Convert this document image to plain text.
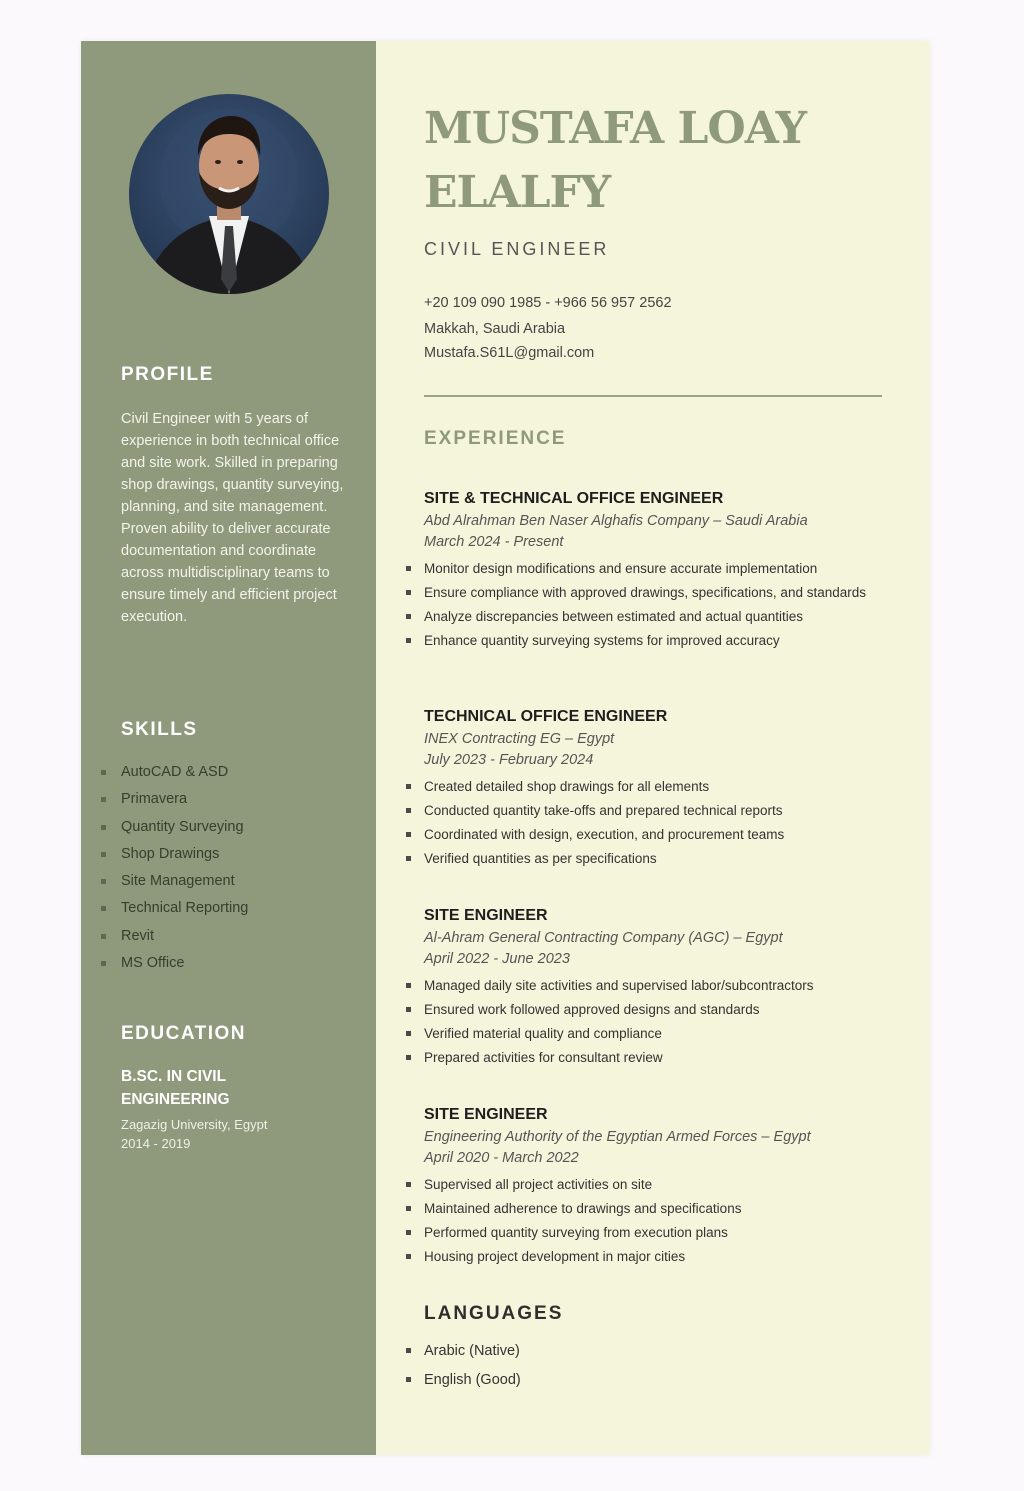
PROFILE

Civil Engineer with 5 years of experience in both technical office and site work. Skilled in preparing shop drawings, quantity surveying, planning, and site management. Proven ability to deliver accurate documentation and coordinate across multidisciplinary teams to ensure timely and efficient project execution.

SKILLS
AutoCAD & ASD
Primavera
Quantity Surveying
Shop Drawings
Site Management
Technical Reporting
Revit
MS Office
EDUCATION

B.SC. IN CIVIL ENGINEERING

Zagazig University, Egypt

2014 - 2019

MUSTAFA LOAY ELALFY

CIVIL ENGINEER

+20 109 090 1985 - +966 56 957 2562

Makkah, Saudi Arabia

Mustafa.S61L@gmail.com

EXPERIENCE

SITE & TECHNICAL OFFICE ENGINEER

Abd Alrahman Ben Naser Alghafis Company – Saudi Arabia

March 2024 - Present

Monitor design modifications and ensure accurate implementation
Ensure compliance with approved drawings, specifications, and standards
Analyze discrepancies between estimated and actual quantities
Enhance quantity surveying systems for improved accuracy

TECHNICAL OFFICE ENGINEER

INEX Contracting EG – Egypt

July 2023 - February 2024

Created detailed shop drawings for all elements
Conducted quantity take-offs and prepared technical reports
Coordinated with design, execution, and procurement teams
Verified quantities as per specifications

SITE ENGINEER

Al-Ahram General Contracting Company (AGC) – Egypt

April 2022 - June 2023

Managed daily site activities and supervised labor/subcontractors
Ensured work followed approved designs and standards
Verified material quality and compliance
Prepared activities for consultant review

SITE ENGINEER

Engineering Authority of the Egyptian Armed Forces – Egypt

April 2020 - March 2022

Supervised all project activities on site
Maintained adherence to drawings and specifications
Performed quantity surveying from execution plans
Housing project development in major cities
LANGUAGES
Arabic (Native)
English (Good)
